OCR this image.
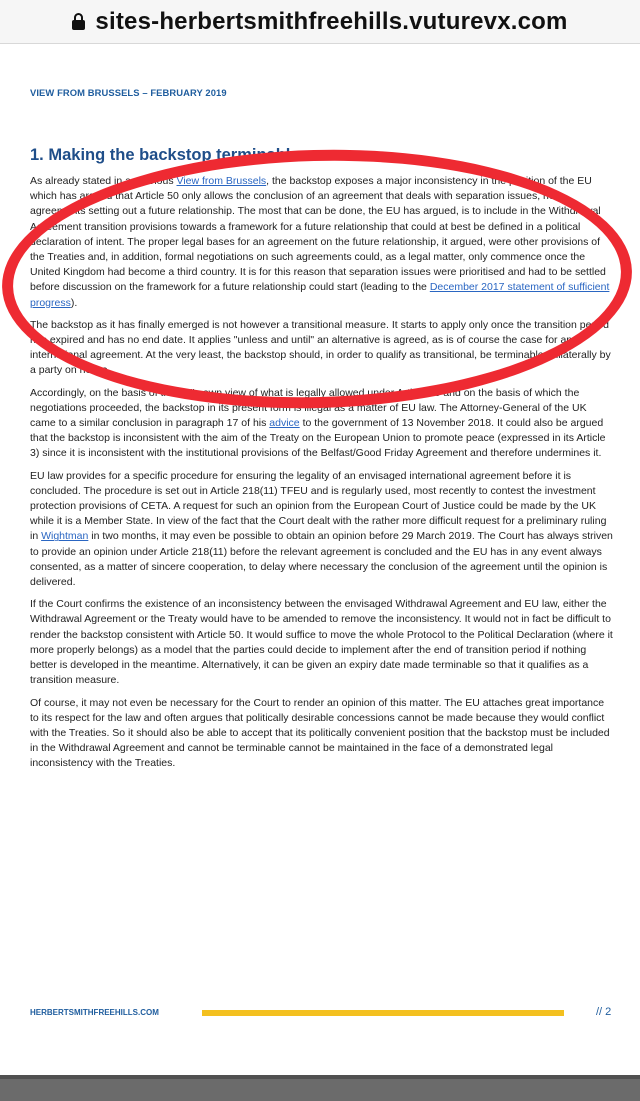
sites-herbertsmithfreehills.vuturevx.com
VIEW FROM BRUSSELS – FEBRUARY 2019
1. Making the backstop terminable

As already stated in a previous View from Brussels, the backstop exposes a major inconsistency in the position of the EU which has argued that Article 50 only allows the conclusion of an agreement that deals with separation issues, not agreements setting out a future relationship. The most that can be done, the EU has argued, is to include in the Withdrawal Agreement transition provisions towards a framework for a future relationship that could at best be defined in a political declaration of intent. The proper legal bases for an agreement on the future relationship, it argued, were other provisions of the Treaties and, in addition, formal negotiations on such agreements could, as a legal matter, only commence once the United Kingdom had become a third country. It is for this reason that separation issues were prioritised and had to be settled before discussion on the framework for a future relationship could start (leading to the December 2017 statement of sufficient progress).

The backstop as it has finally emerged is not however a transitional measure. It starts to apply only once the transition period has expired and has no end date. It applies "unless and until" an alternative is agreed, as is of course the case for any international agreement. At the very least, the backstop should, in order to qualify as transitional, be terminable unilaterally by a party on notice.

Accordingly, on the basis of the EU's own view of what is legally allowed under Article 50 and on the basis of which the negotiations proceeded, the backstop in its present form is illegal as a matter of EU law. The Attorney-General of the UK came to a similar conclusion in paragraph 17 of his advice to the government of 13 November 2018. It could also be argued that the backstop is inconsistent with the aim of the Treaty on the European Union to promote peace (expressed in its Article 3) since it is inconsistent with the institutional provisions of the Belfast/Good Friday Agreement and therefore undermines it.

EU law provides for a specific procedure for ensuring the legality of an envisaged international agreement before it is concluded. The procedure is set out in Article 218(11) TFEU and is regularly used, most recently to contest the investment protection provisions of CETA. A request for such an opinion from the European Court of Justice could be made by the UK while it is a Member State. In view of the fact that the Court dealt with the rather more difficult request for a preliminary ruling in Wightman in two months, it may even be possible to obtain an opinion before 29 March 2019. The Court has always striven to provide an opinion under Article 218(11) before the relevant agreement is concluded and the EU has in any event always consented, as a matter of sincere cooperation, to delay where necessary the conclusion of the agreement until the opinion is delivered.

If the Court confirms the existence of an inconsistency between the envisaged Withdrawal Agreement and EU law, either the Withdrawal Agreement or the Treaty would have to be amended to remove the inconsistency. It would not in fact be difficult to render the backstop consistent with Article 50. It would suffice to move the whole Protocol to the Political Declaration (where it more properly belongs) as a model that the parties could decide to implement after the end of transition period if nothing better is developed in the meantime. Alternatively, it can be given an expiry date made terminable so that it qualifies as a transition measure.

Of course, it may not even be necessary for the Court to render an opinion of this matter. The EU attaches great importance to its respect for the law and often argues that politically desirable concessions cannot be made because they would conflict with the Treaties. So it should also be able to accept that its politically convenient position that the backstop must be included in the Withdrawal Agreement and cannot be terminable cannot be maintained in the face of a demonstrated legal inconsistency with the Treaties.

HERBERTSMITHFREEHILLS.COM	// 2
